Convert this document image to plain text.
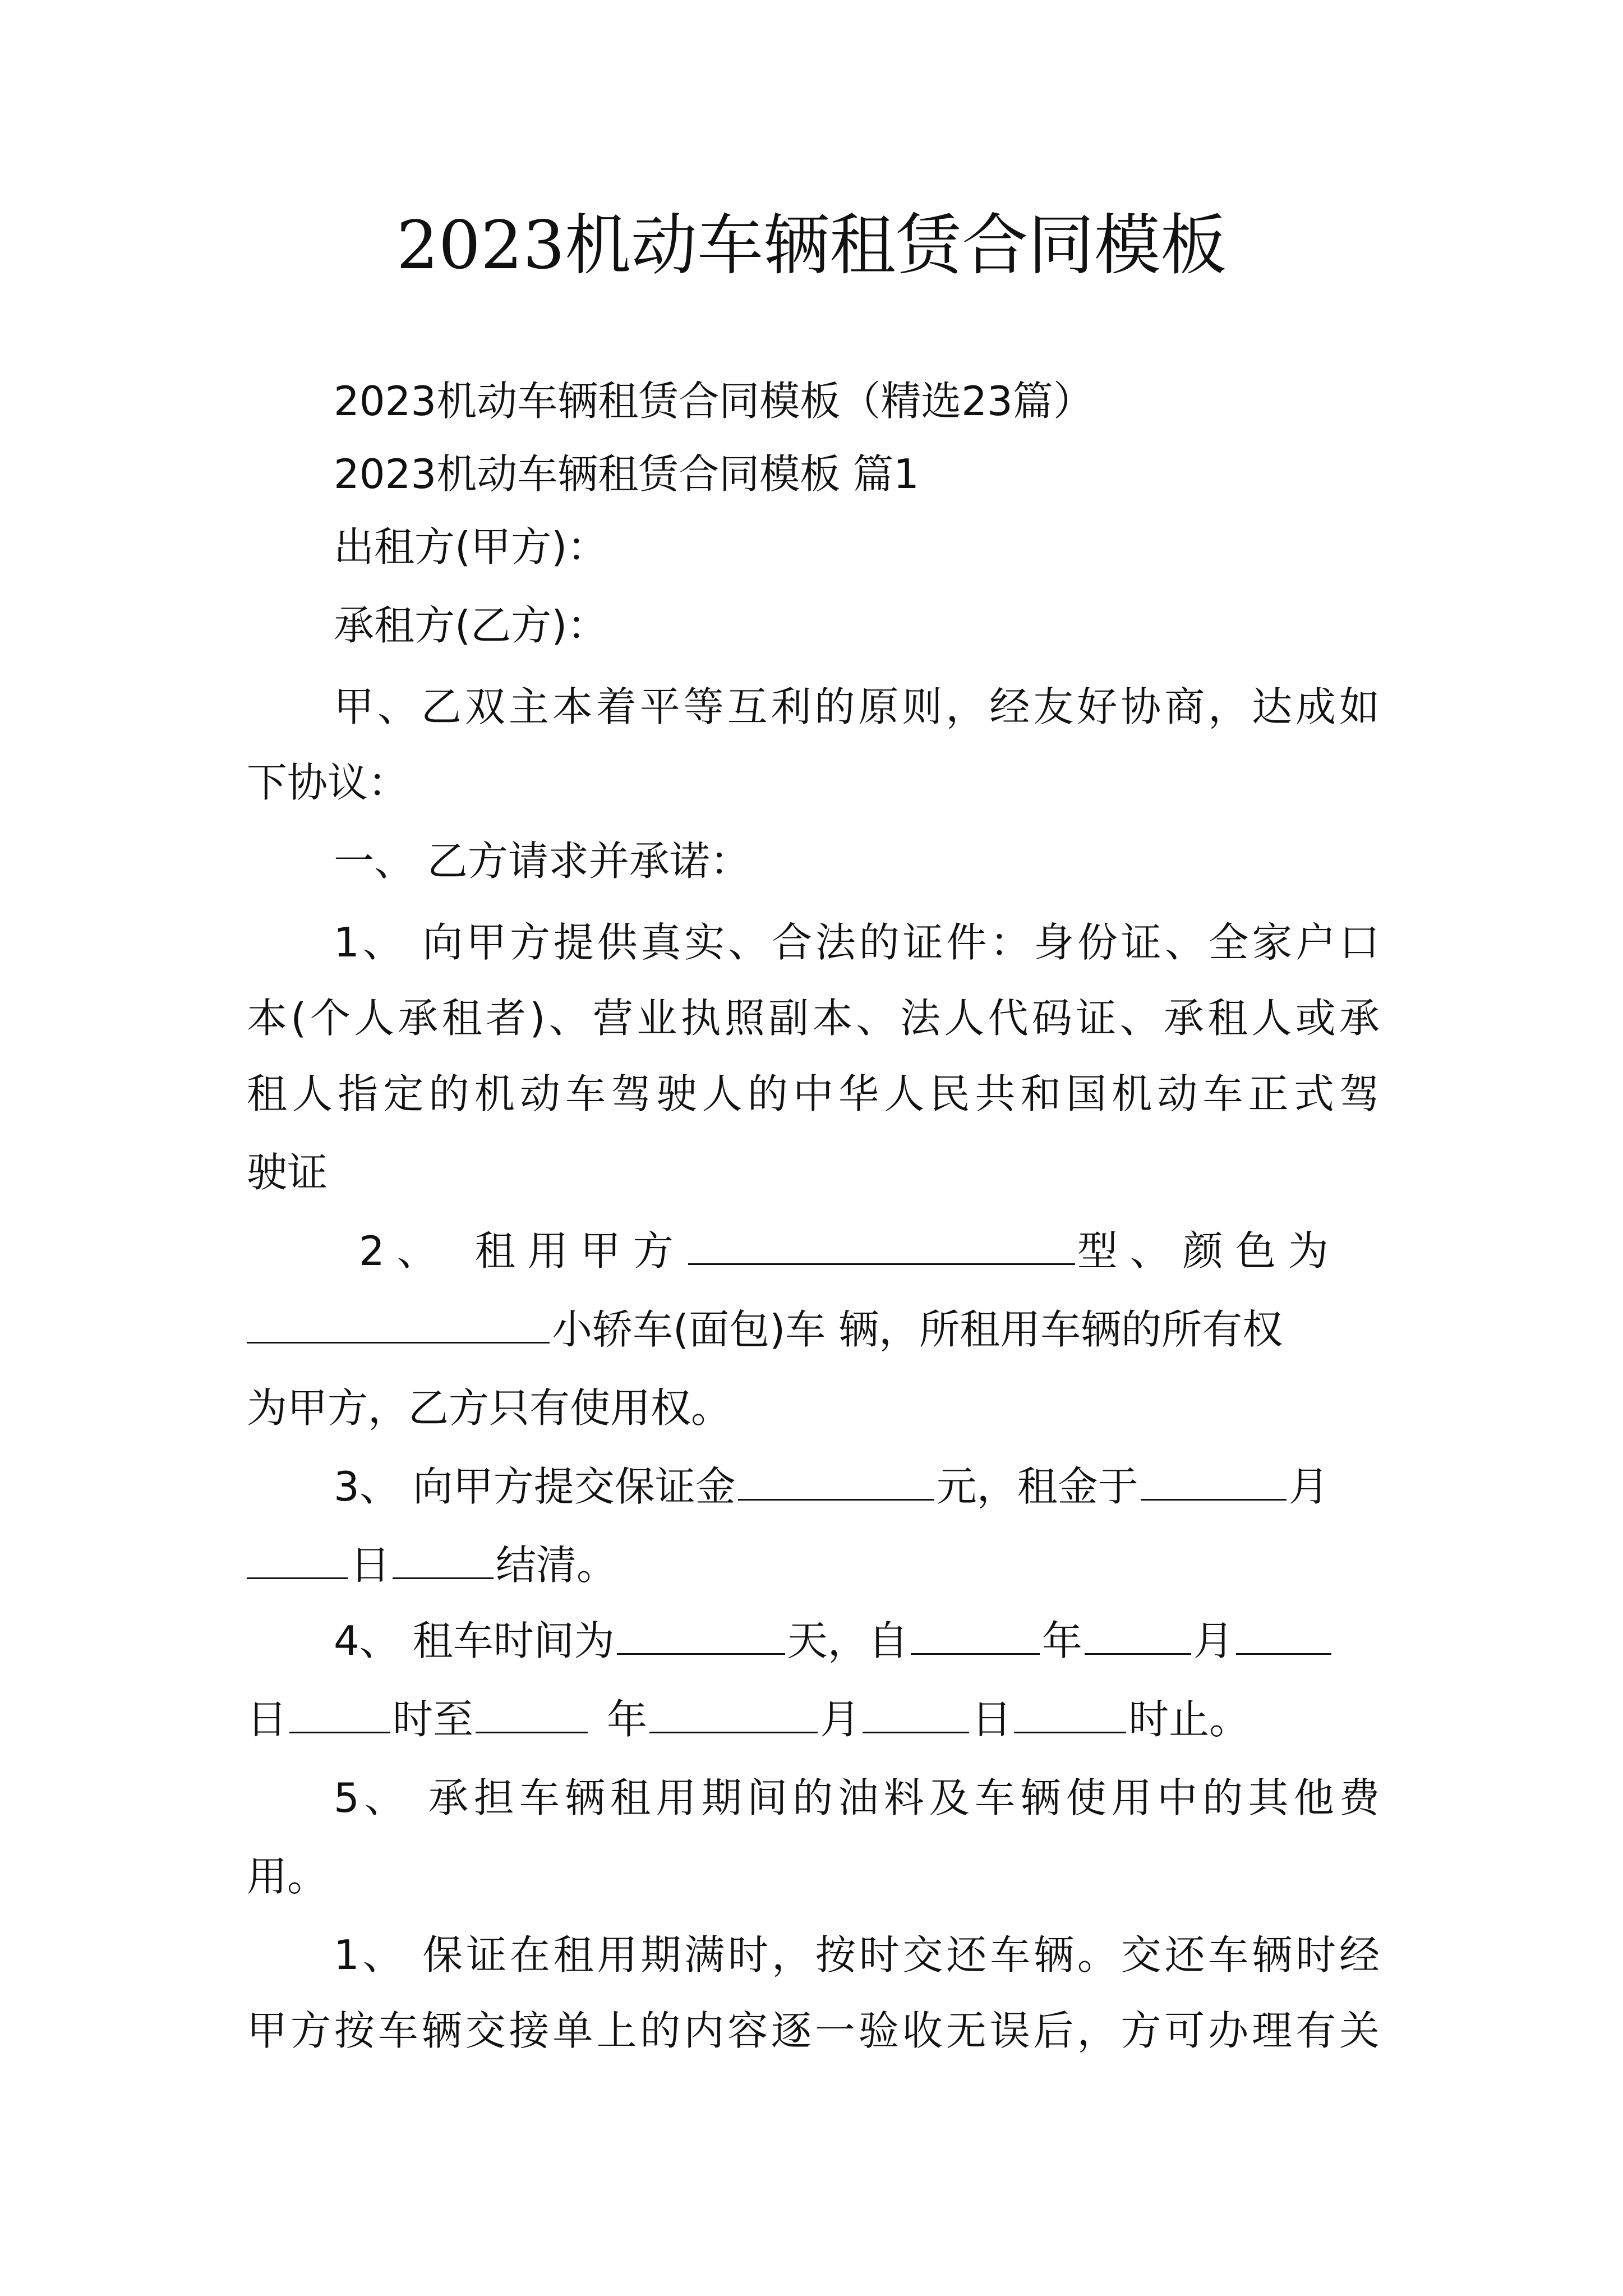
2023机动车辆租赁合同模板
2023机动车辆租赁合同模板（精选23篇）
2023机动车辆租赁合同模板 篇1
出租方(甲方)：
承租方(乙方)：
甲、乙双主本着平等互利的原则，经友好协商，达成如
下协议：
一、 乙方请求并承诺：
1、 向甲方提供真实、合法的证件：身份证、全家户口
本(个人承租者)、营业执照副本、法人代码证、承租人或承
租人指定的机动车驾驶人的中华人民共和国机动车正式驾
驶证
2、 租用甲方	型、颜色为
小轿车(面包)车 辆，所租用车辆的所有权
为甲方，乙方只有使用权。
3、 向甲方提交保证金	元，租金于	月
日	结清。
4、 租车时间为	天，自	年	月
日	时至	年	月	日	时止。
5、 承担车辆租用期间的油料及车辆使用中的其他费
用。
1、 保证在租用期满时，按时交还车辆。交还车辆时经
甲方按车辆交接单上的内容逐一验收无误后，方可办理有关
